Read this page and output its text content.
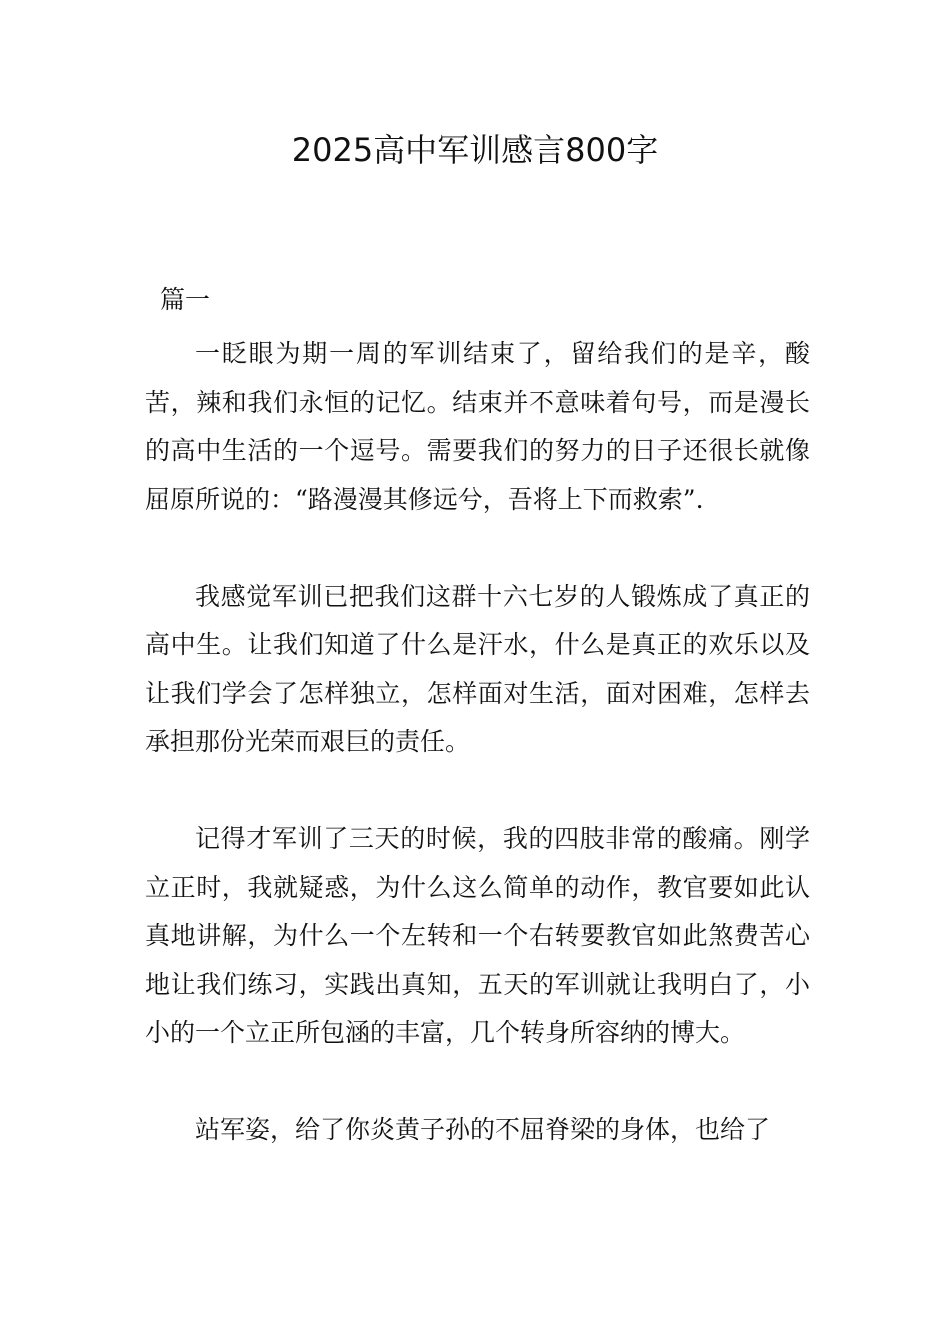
2025高中军训感言800字
篇一

一眨眼为期一周的军训结束了，留给我们的是辛，酸苦，辣和我们永恒的记忆。结束并不意味着句号，而是漫长的高中生活的一个逗号。需要我们的努力的日子还很长就像屈原所说的：“路漫漫其修远兮，吾将上下而救索”.

我感觉军训已把我们这群十六七岁的人锻炼成了真正的高中生。让我们知道了什么是汗水，什么是真正的欢乐以及让我们学会了怎样独立，怎样面对生活，面对困难，怎样去承担那份光荣而艰巨的责任。

记得才军训了三天的时候，我的四肢非常的酸痛。刚学立正时，我就疑惑，为什么这么简单的动作，教官要如此认真地讲解，为什么一个左转和一个右转要教官如此煞费苦心地让我们练习，实践出真知，五天的军训就让我明白了，小小的一个立正所包涵的丰富，几个转身所容纳的博大。

站军姿，给了你炎黄子孙的不屈脊梁的身体，也给了
